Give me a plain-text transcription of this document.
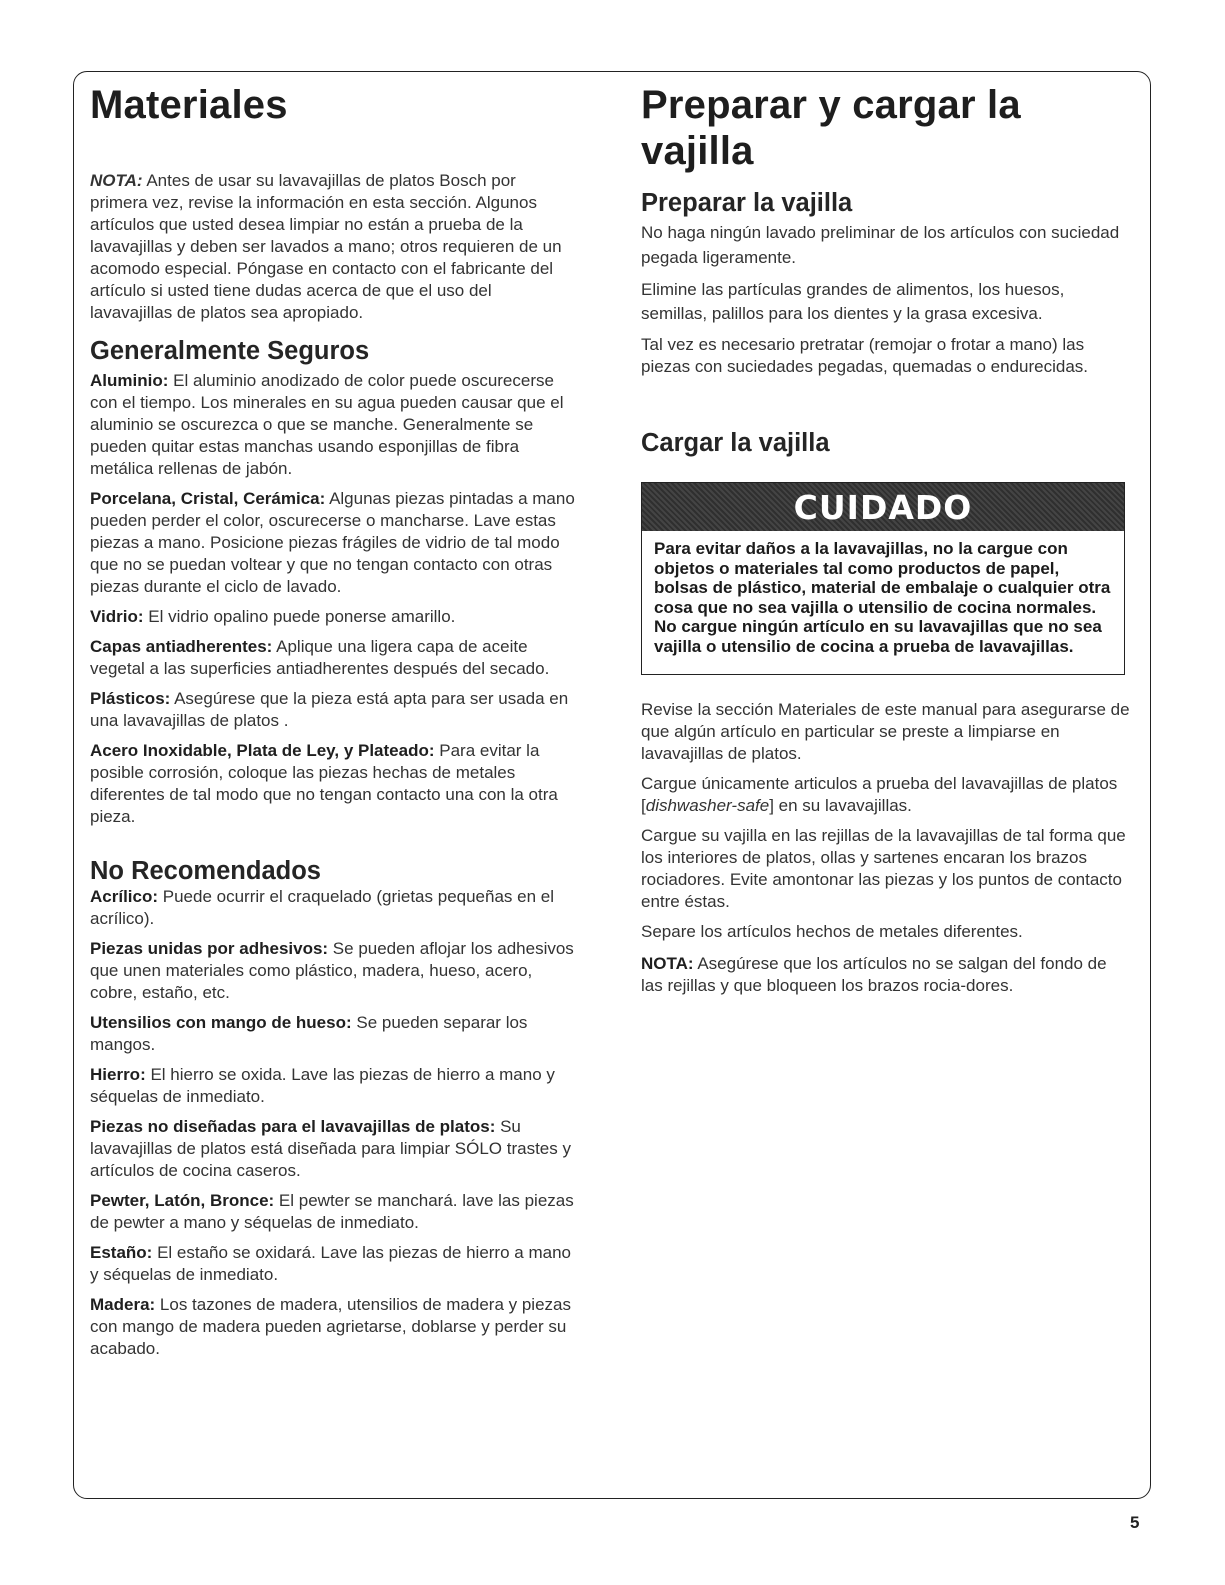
Materiales

NOTA: Antes de usar su lavavajillas de platos Bosch por primera vez, revise la información en esta sección. Algunos artículos que usted desea limpiar no están a prueba de la lavavajillas y deben ser lavados a mano; otros requieren de un acomodo especial. Póngase en contacto con el fabricante del artículo si usted tiene dudas acerca de que el uso del lavavajillas de platos sea apropiado.

Generalmente Seguros

Aluminio: El aluminio anodizado de color puede oscurecerse con el tiempo. Los minerales en su agua pueden causar que el aluminio se oscurezca o que se manche. Generalmente se pueden quitar estas manchas usando esponjillas de fibra metálica rellenas de jabón.

Porcelana, Cristal, Cerámica: Algunas piezas pintadas a mano pueden perder el color, oscurecerse o mancharse. Lave estas piezas a mano. Posicione piezas frágiles de vidrio de tal modo que no se puedan voltear y que no tengan contacto con otras piezas durante el ciclo de lavado.

Vidrio: El vidrio opalino puede ponerse amarillo.

Capas antiadherentes: Aplique una ligera capa de aceite vegetal a las superficies antiadherentes después del secado.

Plásticos: Asegúrese que la pieza está apta para ser usada en una lavavajillas de platos .

Acero Inoxidable, Plata de Ley, y Plateado: Para evitar la posible corrosión, coloque las piezas hechas de metales diferentes de tal modo que no tengan contacto una con la otra pieza.

No Recomendados

Acrílico: Puede ocurrir el craquelado (grietas pequeñas en el acrílico).

Piezas unidas por adhesivos: Se pueden aflojar los adhesivos que unen materiales como plástico, madera, hueso, acero, cobre, estaño, etc.

Utensilios con mango de hueso: Se pueden separar los mangos.

Hierro: El hierro se oxida. Lave las piezas de hierro a mano y séquelas de inmediato.

Piezas no diseñadas para el lavavajillas de platos: Su lavavajillas de platos está diseñada para limpiar SÓLO trastes y artículos de cocina caseros.

Pewter, Latón, Bronce: El pewter se manchará. lave las piezas de pewter a mano y séquelas de inmediato.

Estaño: El estaño se oxidará. Lave las piezas de hierro a mano y séquelas de inmediato.

Madera: Los tazones de madera, utensilios de madera y piezas con mango de madera pueden agrietarse, doblarse y perder su acabado.

Preparar y cargar la vajilla
Preparar la vajilla

No haga ningún lavado preliminar de los artículos con suciedad pegada ligeramente.

Elimine las partículas grandes de alimentos, los huesos, semillas, palillos para los dientes y la grasa excesiva.

Tal vez es necesario pretratar (remojar o frotar a mano) las piezas con suciedades pegadas, quemadas o endurecidas.

Cargar la vajilla
CUIDADO
Para evitar daños a la lavavajillas, no la cargue con objetos o materiales tal como productos de papel, bolsas de plástico, material de embalaje o cualquier otra cosa que no sea vajilla o utensilio de cocina normales. No cargue ningún artículo en su lavavajillas que no sea vajilla o utensilio de cocina a prueba de lavavajillas.

Revise la sección Materiales de este manual para asegurarse de que algún artículo en particular se preste a limpiarse en lavavajillas de platos.

Cargue únicamente articulos a prueba del lavavajillas de platos [dishwasher-safe] en su lavavajillas.

Cargue su vajilla en las rejillas de la lavavajillas de tal forma que los interiores de platos, ollas y sartenes encaran los brazos rociadores. Evite amontonar las piezas y los puntos de contacto entre éstas.

Separe los artículos hechos de metales diferentes.

NOTA: Asegúrese que los artículos no se salgan del fondo de las rejillas y que bloqueen los brazos rocia-dores.

5
